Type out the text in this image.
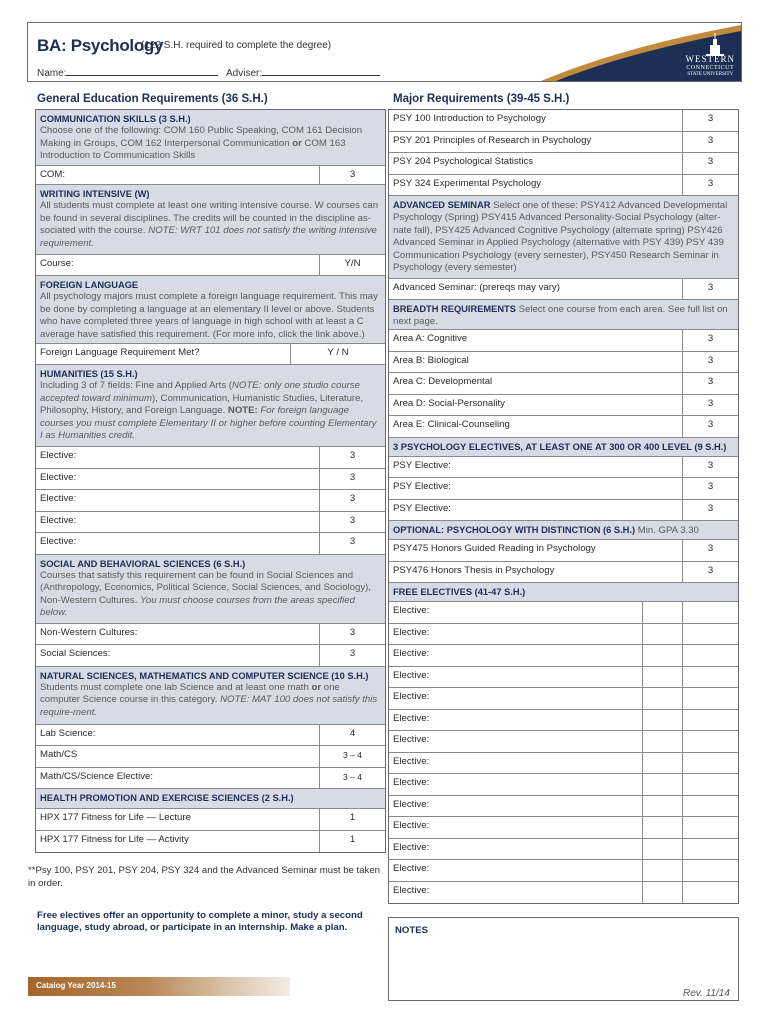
BA: Psychology
(122 S.H. required to complete the degree)
Name:	Adviser:
WESTERN
CONNECTICUT
STATE UNIVERSITY
General Education Requirements (36 S.H.)
COMMUNICATION SKILLS (3 S.H.)
Choose one of the following: COM 160 Public Speaking, COM 161 Decision Making in Groups, COM 162 Interpersonal Communication or COM 163 Introduction to Communication Skills
COM:	3
WRITING INTENSIVE (W)
All students must complete at least one writing intensive course. W courses can be found in several disciplines. The credits will be counted in the discipline as-sociated with the course. NOTE: WRT 101 does not satisfy the writing intensive requirement.
Course:	Y/N
FOREIGN LANGUAGE
All psychology majors must complete a foreign language requirement. This may be done by completing a language at an elementary II level or above. Students who have completed three years of language in high school with at least a C average have satisfied this requirement. (For more info, click the link above.)
Foreign Language Requirement Met?	Y / N
HUMANITIES (15 S.H.)
Including 3 of 7 fields: Fine and Applied Arts (NOTE: only one studio course accepted toward minimum), Communication, Humanistic Studies, Literature, Philosophy, History, and Foreign Language. NOTE: For foreign language courses you must complete Elementary II or higher before counting Elementary I as Humanities credit.
Elective:	3
Elective:	3
Elective:	3
Elective:	3
Elective:	3
SOCIAL AND BEHAVIORAL SCIENCES (6 S.H.)
Courses that satisfy this requirement can be found in Social Sciences and (Anthropology, Economics, Political Science, Social Sciences, and Sociology), Non-Western Cultures. You must choose courses from the areas specified below.
Non-Western Cultures:	3
Social Sciences:	3
NATURAL SCIENCES, MATHEMATICS AND COMPUTER SCIENCE (10 S.H.)
Students must complete one lab Science and at least one math or one computer Science course in this category. NOTE: MAT 100 does not satisfy this require-ment.
Lab Science:	4
Math/CS	3 – 4
Math/CS/Science Elective:	3 – 4
HEALTH PROMOTION AND EXERCISE SCIENCES (2 S.H.)
HPX 177 Fitness for Life — Lecture	1
HPX 177 Fitness for Life — Activity	1
**Psy 100, PSY 201, PSY 204, PSY 324 and the Advanced Seminar must be taken in order.
Free electives offer an opportunity to complete a minor, study a second language, study abroad, or participate in an internship. Make a plan.
Major Requirements (39-45 S.H.)
PSY 100 Introduction to Psychology	3
PSY 201 Principles of Research in Psychology	3
PSY 204 Psychological Statistics	3
PSY 324 Experimental Psychology	3
ADVANCED SEMINAR Select one of these: PSY412 Advanced Developmental Psychology (Spring) PSY415 Advanced Personality-Social Psychology (alter-nate fall), PSY425 Advanced Cognitive Psychology (alternate spring) PSY426 Advanced Seminar in Applied Psychology (alternative with PSY 439) PSY 439 Communication Psychology (every semester), PSY450 Research Seminar in Psychology (every semester)
Advanced Seminar: (prereqs may vary)	3
BREADTH REQUIREMENTS Select one course from each area. See full list on next page.
Area A: Cognitive	3
Area B: Biological	3
Area C: Developmental	3
Area D: Social-Personality	3
Area E: Clinical-Counseling	3
3 PSYCHOLOGY ELECTIVES, AT LEAST ONE AT 300 OR 400 LEVEL (9 S.H.)
PSY Elective:	3
PSY Elective:	3
PSY Elective:	3
OPTIONAL: PSYCHOLOGY WITH DISTINCTION (6 S.H.) Min. GPA 3.30
PSY475 Honors Guided Reading in Psychology	3
PSY476 Honors Thesis in Psychology	3
FREE ELECTIVES (41-47 S.H.)
Elective:
Elective:
Elective:
Elective:
Elective:
Elective:
Elective:
Elective:
Elective:
Elective:
Elective:
Elective:
Elective:
Elective:
NOTES
Catalog Year 2014-15
Rev. 11/14
